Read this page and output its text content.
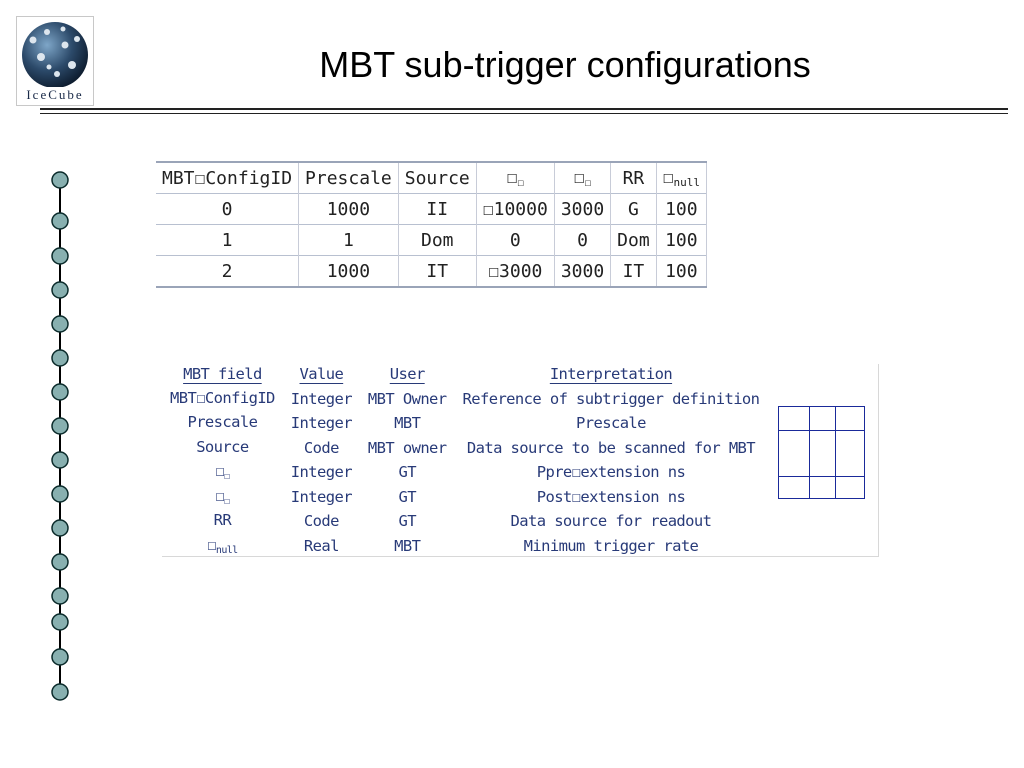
IceCube
MBT sub-trigger configurations
MBT☐ConfigID	Prescale	Source	$☐_☐$	$☐_☐$	RR	$☐_{null}$
0	1000	II	☐10000	3000	G	100
1	1	Dom	0	0	Dom	100
2	1000	IT	☐3000	3000	IT	100
MBT field	Value	User	Interpretation
MBT☐ConfigID	Integer	MBT Owner	Reference of subtrigger definition
Prescale	Integer	MBT	Prescale
Source	Code	MBT owner	Data source to be scanned for MBT
$☐_☐$	Integer	GT	Ppre☐extension ns
$☐_☐$	Integer	GT	Post☐extension ns
RR	Code	GT	Data source for readout
$☐_{null}$	Real	MBT	Minimum trigger rate
